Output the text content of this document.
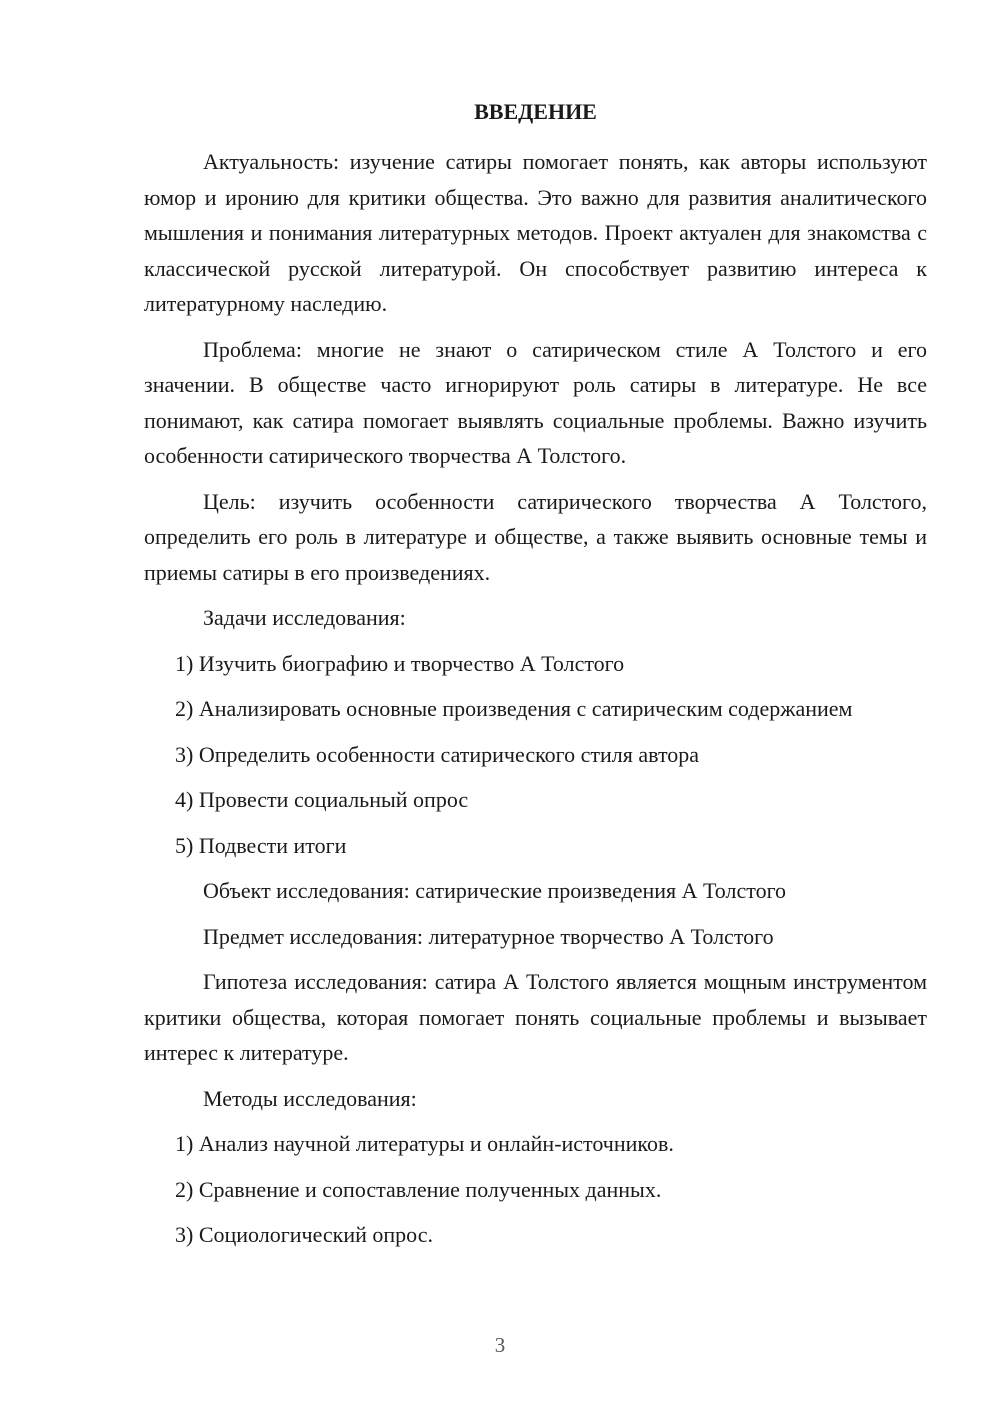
ВВЕДЕНИЕ

Актуальность: изучение сатиры помогает понять, как авторы используют юмор и иронию для критики общества. Это важно для развития аналитического мышления и понимания литературных методов. Проект актуален для знакомства с классической русской литературой. Он способствует развитию интереса к литературному наследию.

Проблема: многие не знают о сатирическом стиле А Толстого и его значении. В обществе часто игнорируют роль сатиры в литературе. Не все понимают, как сатира помогает выявлять социальные проблемы. Важно изучить особенности сатирического творчества А Толстого.

Цель: изучить особенности сатирического творчества А Толстого, определить его роль в литературе и обществе, а также выявить основные темы и приемы сатиры в его произведениях.

Задачи исследования:

1) Изучить биографию и творчество А Толстого

2) Анализировать основные произведения с сатирическим содержанием

3) Определить особенности сатирического стиля автора

4) Провести социальный опрос

5) Подвести итоги

Объект исследования: сатирические произведения А Толстого

Предмет исследования: литературное творчество А Толстого

Гипотеза исследования: сатира А Толстого является мощным инструментом критики общества, которая помогает понять социальные проблемы и вызывает интерес к литературе.

Методы исследования:

1) Анализ научной литературы и онлайн-источников.

2) Сравнение и сопоставление полученных данных.

3) Социологический опрос.

3
